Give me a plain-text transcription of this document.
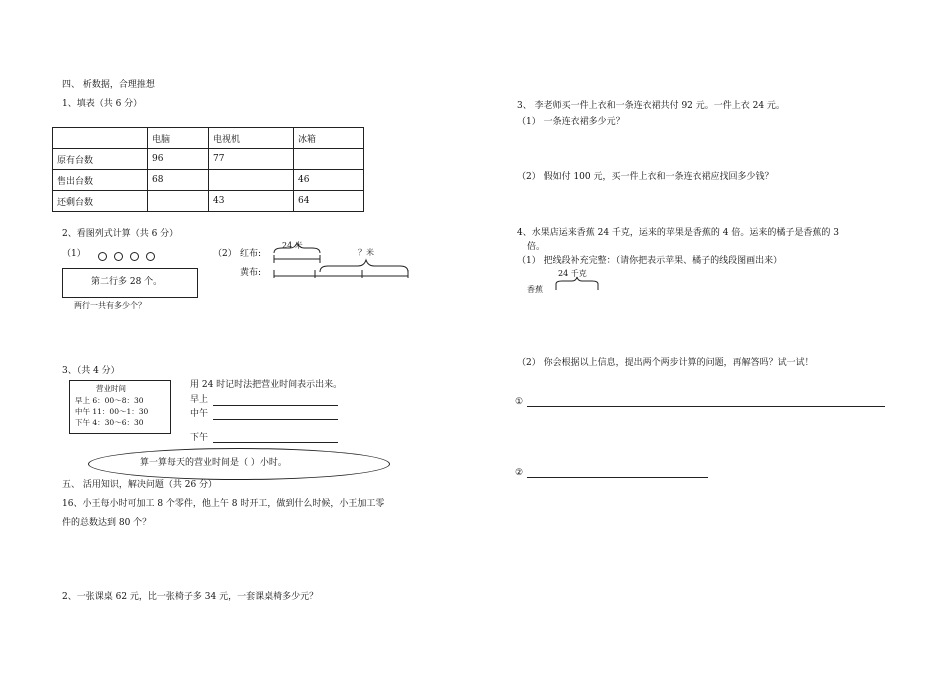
四、 析数据，合理推想
1、填表（共 6 分）
	电脑	电视机	冰箱
原有台数	96	77	
售出台数	68		46
还剩台数		43	64
2、看图列式计算（共 6 分）
（1）
第二行多 28 个。
两行一共有多少个？
（2） 红布:
黄布:
24 米
？米
3、（共 4 分）
营业时间
早上 6：00～8：30
中午 11：00～1：30
下午 4：30～6：30
用 24 时记时法把营业时间表示出来。
早上
中午
下午
算一算每天的营业时间是（ ）小时。
五、 活用知识，解决问题（共 26 分）
16、小王每小时可加工 8 个零件，他上午 8 时开工，做到什么时候，小王加工零
件的总数达到 80 个？
2、一张课桌 62 元，比一张椅子多 34 元，一套课桌椅多少元？
3、 李老师买一件上衣和一条连衣裙共付 92 元。一件上衣 24 元。
（1） 一条连衣裙多少元？
（2） 假如付 100 元，买一件上衣和一条连衣裙应找回多少钱？
4、水果店运来香蕉 24 千克，运来的苹果是香蕉的 4 倍。运来的橘子是香蕉的 3
倍。
（1） 把线段补充完整：（请你把表示苹果、橘子的线段图画出来）
24 千克
香蕉
（2） 你会根据以上信息，提出两个两步计算的问题，再解答吗？试一试！
①
②
